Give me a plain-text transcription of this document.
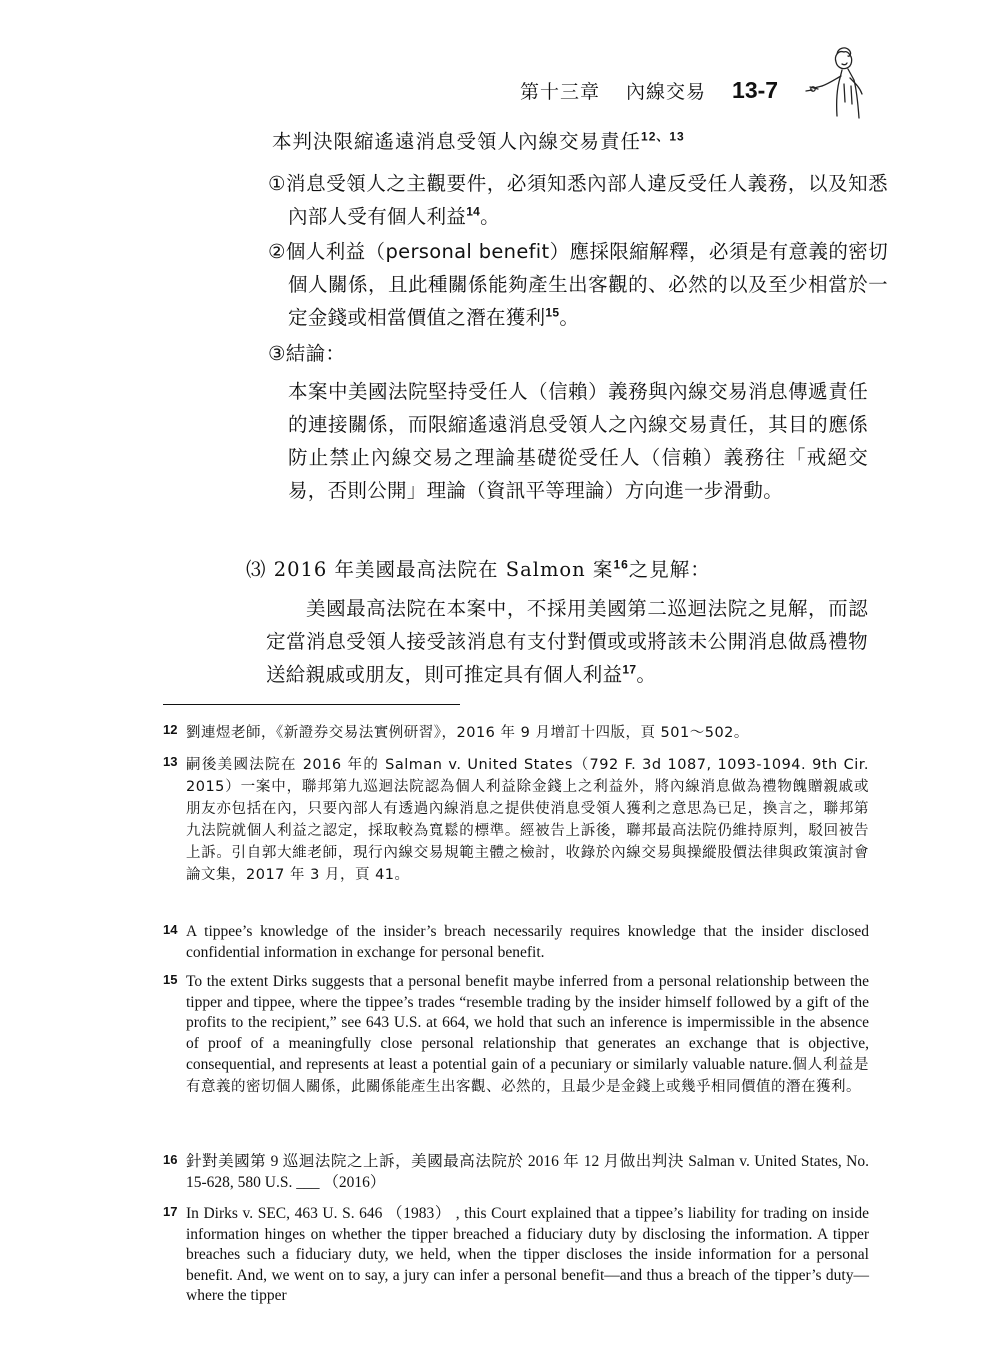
第十三章 內線交易 13-7
本判決限縮遙遠消息受領人內線交易責任$^{12、13}$
①消息受領人之主觀要件，必須知悉內部人違反受任人義務，以及知悉內部人受有個人利益$^{14}$。
②個人利益（personal benefit）應採限縮解釋，必須是有意義的密切個人關係，且此種關係能夠產生出客觀的、必然的以及至少相當於一定金錢或相當價值之潛在獲利$^{15}$。
③結論：
本案中美國法院堅持受任人（信賴）義務與內線交易消息傳遞責任的連接關係，而限縮遙遠消息受領人之內線交易責任，其目的應係防止禁止內線交易之理論基礎從受任人（信賴）義務往「戒絕交易，否則公開」理論（資訊平等理論）方向進一步滑動。
⑶ 2016 年美國最高法院在 Salmon 案$^{16}$之見解：
美國最高法院在本案中，不採用美國第二巡迴法院之見解，而認定當消息受領人接受該消息有支付對價或或將該未公開消息做爲禮物送給親戚或朋友，則可推定具有個人利益$^{17}$。
12 劉連煜老師，《新證券交易法實例研習》，2016 年 9 月增訂十四版，頁 501～502。
13 嗣後美國法院在 2016 年的 Salman v. United States（792 F. 3d 1087, 1093-1094. 9th Cir. 2015）一案中，聯邦第九巡迴法院認為個人利益除金錢上之利益外，將內線消息做為禮物餽贈親戚或朋友亦包括在內，只要內部人有透過內線消息之提供使消息受領人獲利之意思為已足，換言之，聯邦第九法院就個人利益之認定，採取較為寬鬆的標準。經被告上訴後，聯邦最高法院仍維持原判，駁回被告上訴。引自郭大維老師，現行內線交易規範主體之檢討，收錄於內線交易與操縱股價法律與政策演討會論文集，2017 年 3 月，頁 41。
14 A tippee’s knowledge of the insider’s breach necessarily requires knowledge that the insider disclosed confidential information in exchange for personal benefit.
15 To the extent Dirks suggests that a personal benefit maybe inferred from a personal relationship between the tipper and tippee, where the tippee’s trades “resemble trading by the insider himself followed by a gift of the profits to the recipient,” see 643 U.S. at 664, we hold that such an inference is impermissible in the absence of proof of a meaningfully close personal relationship that generates an exchange that is objective, consequential, and represents at least a potential gain of a pecuniary or similarly valuable nature.個人利益是有意義的密切個人關係，此關係能產生出客觀、必然的，且最少是金錢上或幾乎相同價值的潛在獲利。
16 針對美國第 9 巡迴法院之上訴，美國最高法院於 2016 年 12 月做出判決 Salman v. United States, No. 15-628, 580 U.S. ___ （2016）
17 In Dirks v. SEC, 463 U. S. 646 （1983） , this Court explained that a tippee’s liability for trading on inside information hinges on whether the tipper breached a fiduciary duty by disclosing the information. A tipper breaches such a fiduciary duty, we held, when the tipper discloses the inside information for a personal benefit. And, we went on to say, a jury can infer a personal benefit—and thus a breach of the tipper’s duty—where the tipper
